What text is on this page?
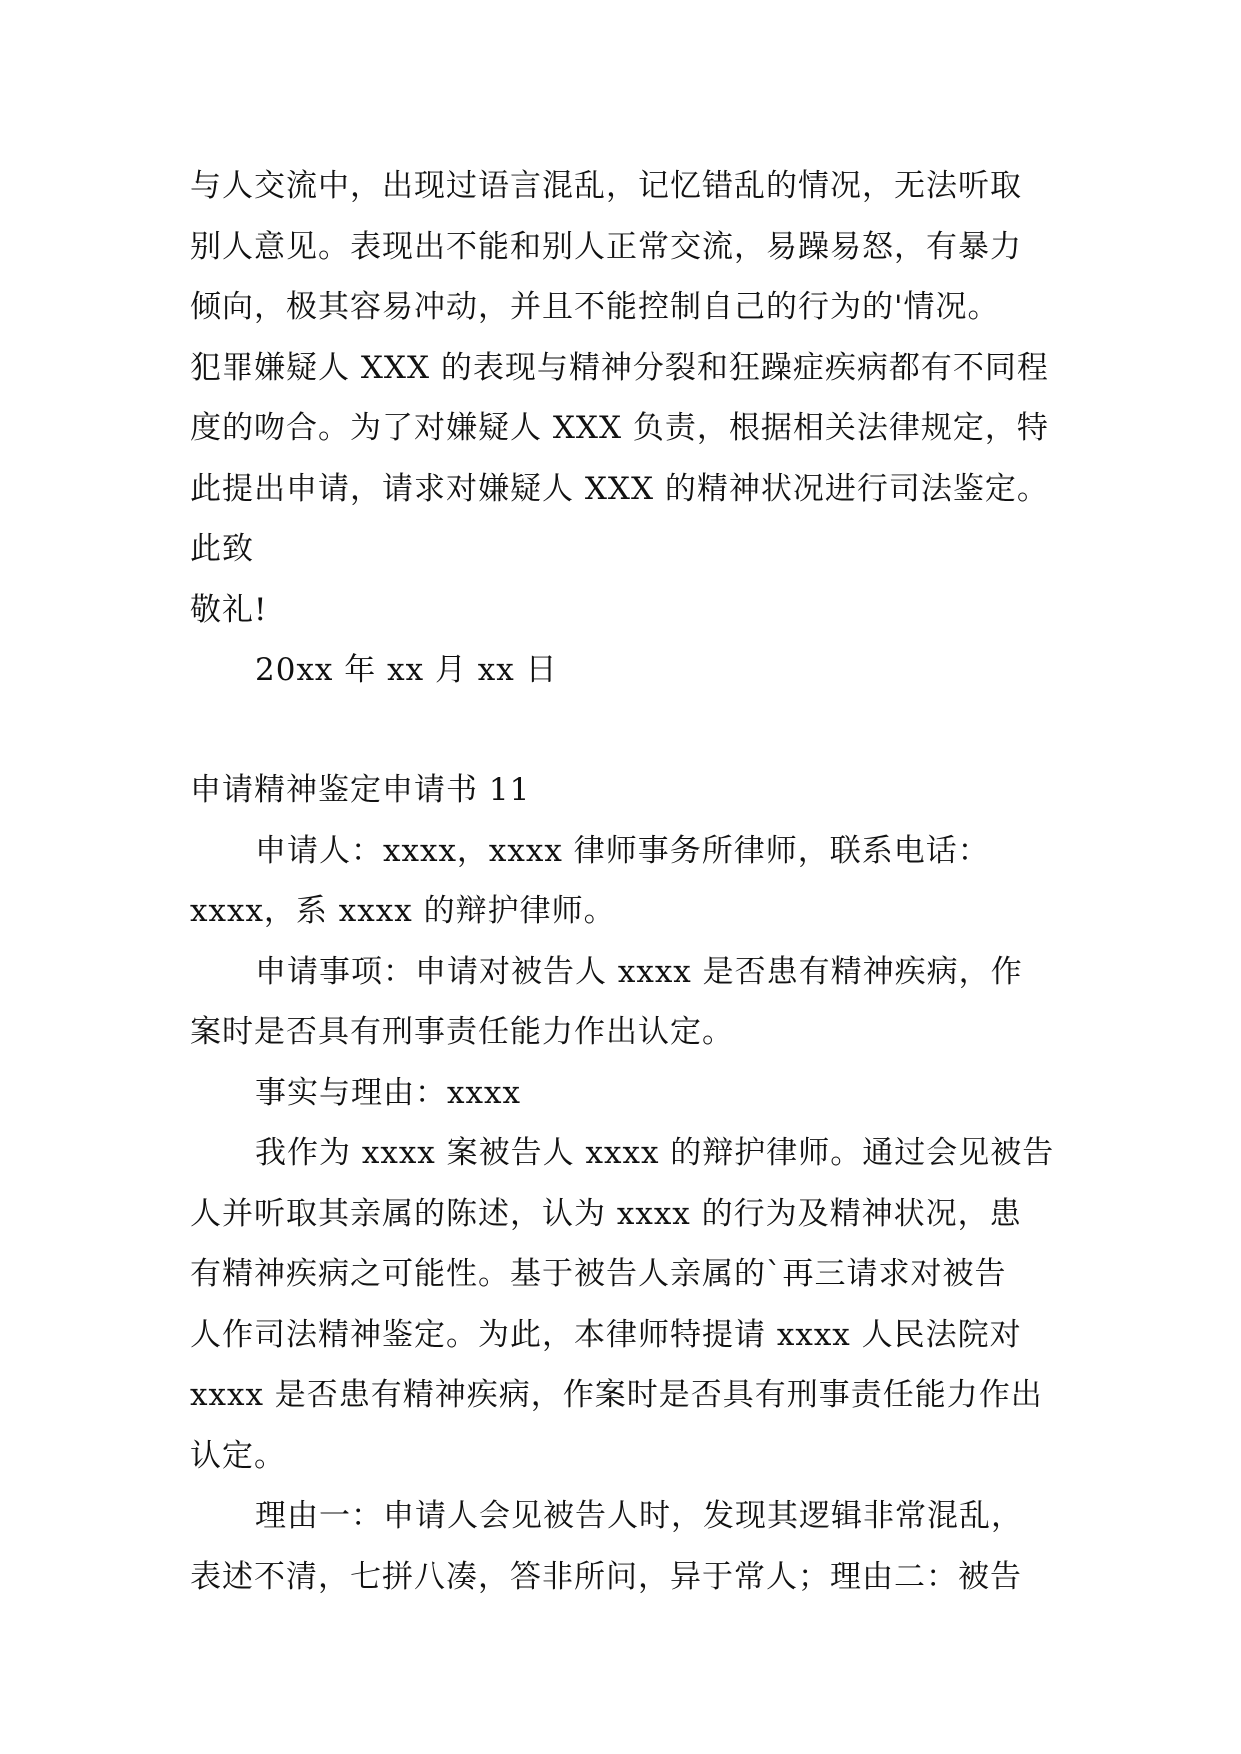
与人交流中，出现过语言混乱，记忆错乱的情况，无法听取
别人意见。表现出不能和别人正常交流，易躁易怒，有暴力
倾向，极其容易冲动，并且不能控制自己的行为的'情况。
犯罪嫌疑人 XXX 的表现与精神分裂和狂躁症疾病都有不同程
度的吻合。为了对嫌疑人 XXX 负责，根据相关法律规定，特
此提出申请，请求对嫌疑人 XXX 的精神状况进行司法鉴定。
此致
敬礼!
20xx 年 xx 月 xx 日
申请精神鉴定申请书 11
申请人：xxxx，xxxx 律师事务所律师，联系电话：
xxxx，系 xxxx 的辩护律师。
申请事项：申请对被告人 xxxx 是否患有精神疾病，作
案时是否具有刑事责任能力作出认定。
事实与理由：xxxx
我作为 xxxx 案被告人 xxxx 的辩护律师。通过会见被告
人并听取其亲属的陈述，认为 xxxx 的行为及精神状况，患
有精神疾病之可能性。基于被告人亲属的`再三请求对被告
人作司法精神鉴定。为此，本律师特提请 xxxx 人民法院对
xxxx 是否患有精神疾病，作案时是否具有刑事责任能力作出
认定。
理由一：申请人会见被告人时，发现其逻辑非常混乱，
表述不清，七拼八凑，答非所问，异于常人；理由二：被告
